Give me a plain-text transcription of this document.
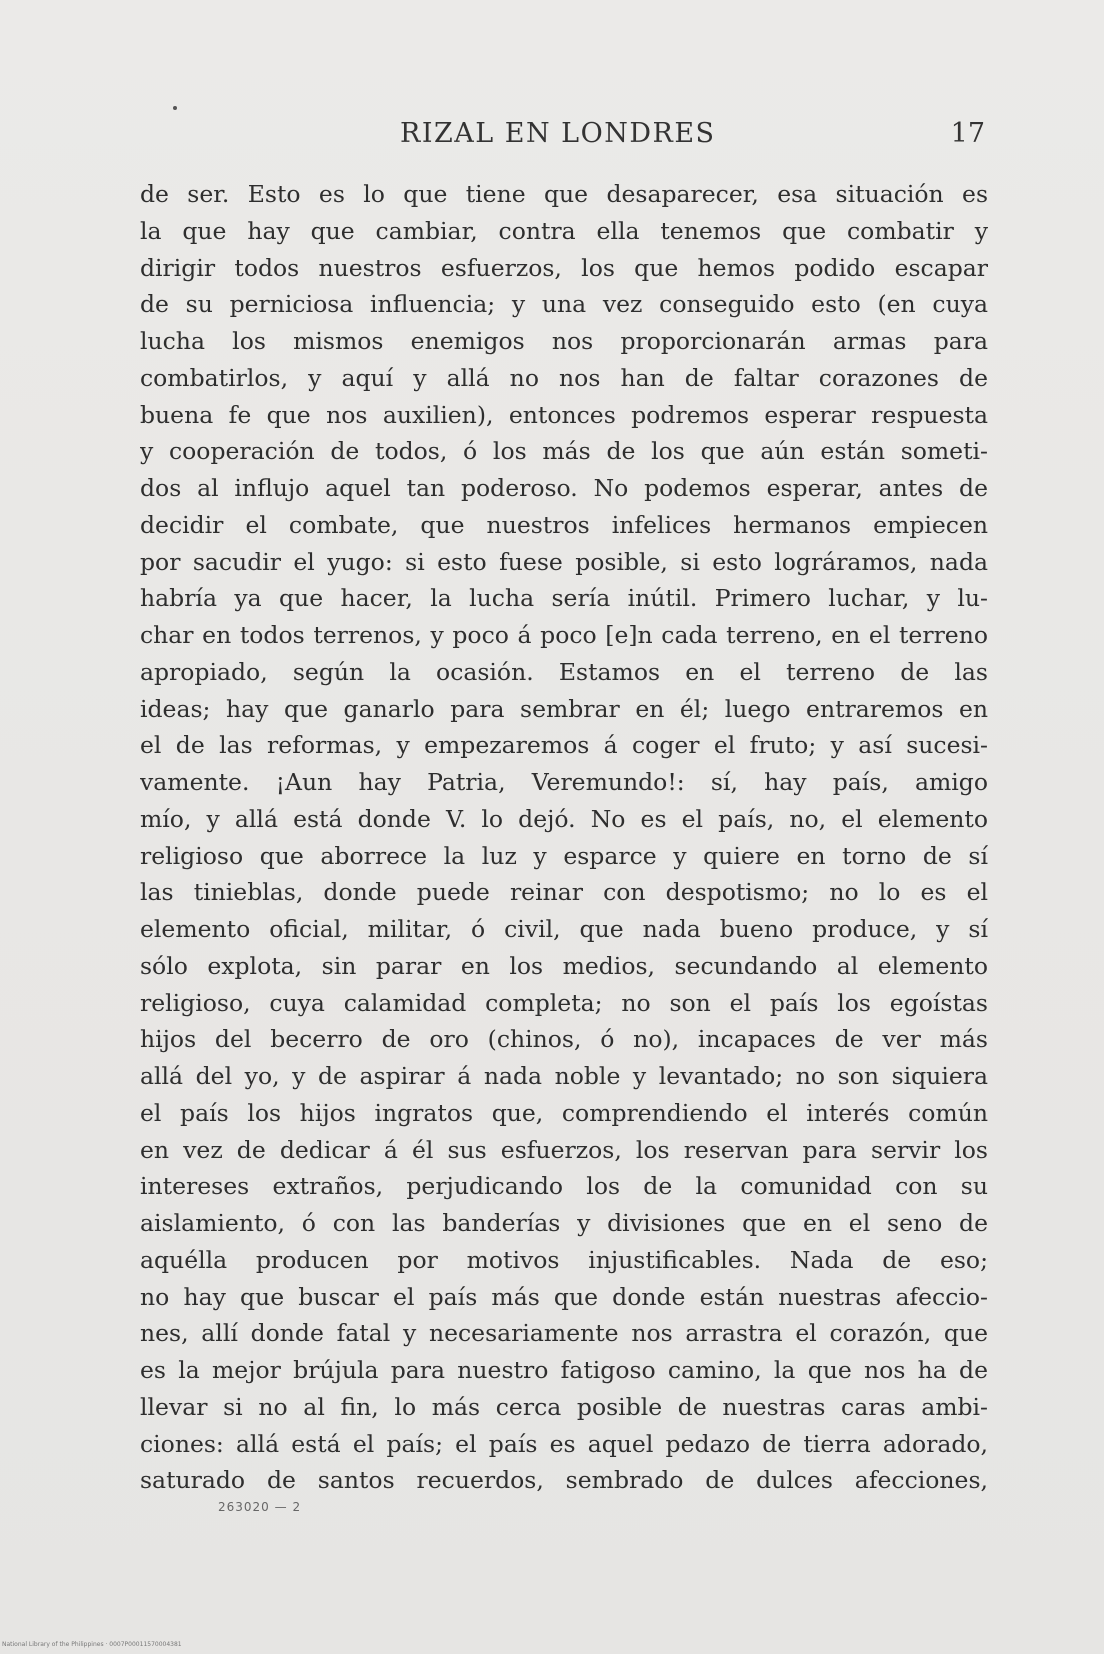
RIZAL EN LONDRES	17
de ser. Esto es lo que tiene que desaparecer, esa situación es
la que hay que cambiar, contra ella tenemos que combatir y
dirigir todos nuestros esfuerzos, los que hemos podido escapar
de su perniciosa influencia; y una vez conseguido esto (en cuya
lucha los mismos enemigos nos proporcionarán armas para
combatirlos, y aquí y allá no nos han de faltar corazones de
buena fe que nos auxilien), entonces podremos esperar respuesta
y cooperación de todos, ó los más de los que aún están someti-
dos al influjo aquel tan poderoso. No podemos esperar, antes de
decidir el combate, que nuestros infelices hermanos empiecen
por sacudir el yugo: si esto fuese posible, si esto lográramos, nada
habría ya que hacer, la lucha sería inútil. Primero luchar, y lu-
char en todos terrenos, y poco á poco [e]n cada terreno, en el terreno
apropiado, según la ocasión. Estamos en el terreno de las
ideas; hay que ganarlo para sembrar en él; luego entraremos en
el de las reformas, y empezaremos á coger el fruto; y así sucesi-
vamente. ¡Aun hay Patria, Veremundo!: sí, hay país, amigo
mío, y allá está donde V. lo dejó. No es el país, no, el elemento
religioso que aborrece la luz y esparce y quiere en torno de sí
las tinieblas, donde puede reinar con despotismo; no lo es el
elemento oficial, militar, ó civil, que nada bueno produce, y sí
sólo explota, sin parar en los medios, secundando al elemento
religioso, cuya calamidad completa; no son el país los egoístas
hijos del becerro de oro (chinos, ó no), incapaces de ver más
allá del yo, y de aspirar á nada noble y levantado; no son siquiera
el país los hijos ingratos que, comprendiendo el interés común
en vez de dedicar á él sus esfuerzos, los reservan para servir los
intereses extraños, perjudicando los de la comunidad con su
aislamiento, ó con las banderías y divisiones que en el seno de
aquélla producen por motivos injustificables. Nada de eso;
no hay que buscar el país más que donde están nuestras afeccio-
nes, allí donde fatal y necesariamente nos arrastra el corazón, que
es la mejor brújula para nuestro fatigoso camino, la que nos ha de
llevar si no al fin, lo más cerca posible de nuestras caras ambi-
ciones: allá está el país; el país es aquel pedazo de tierra adorado,
saturado de santos recuerdos, sembrado de dulces afecciones,
263020 — 2
National Library of the Philippines · 0007P00011570004381
